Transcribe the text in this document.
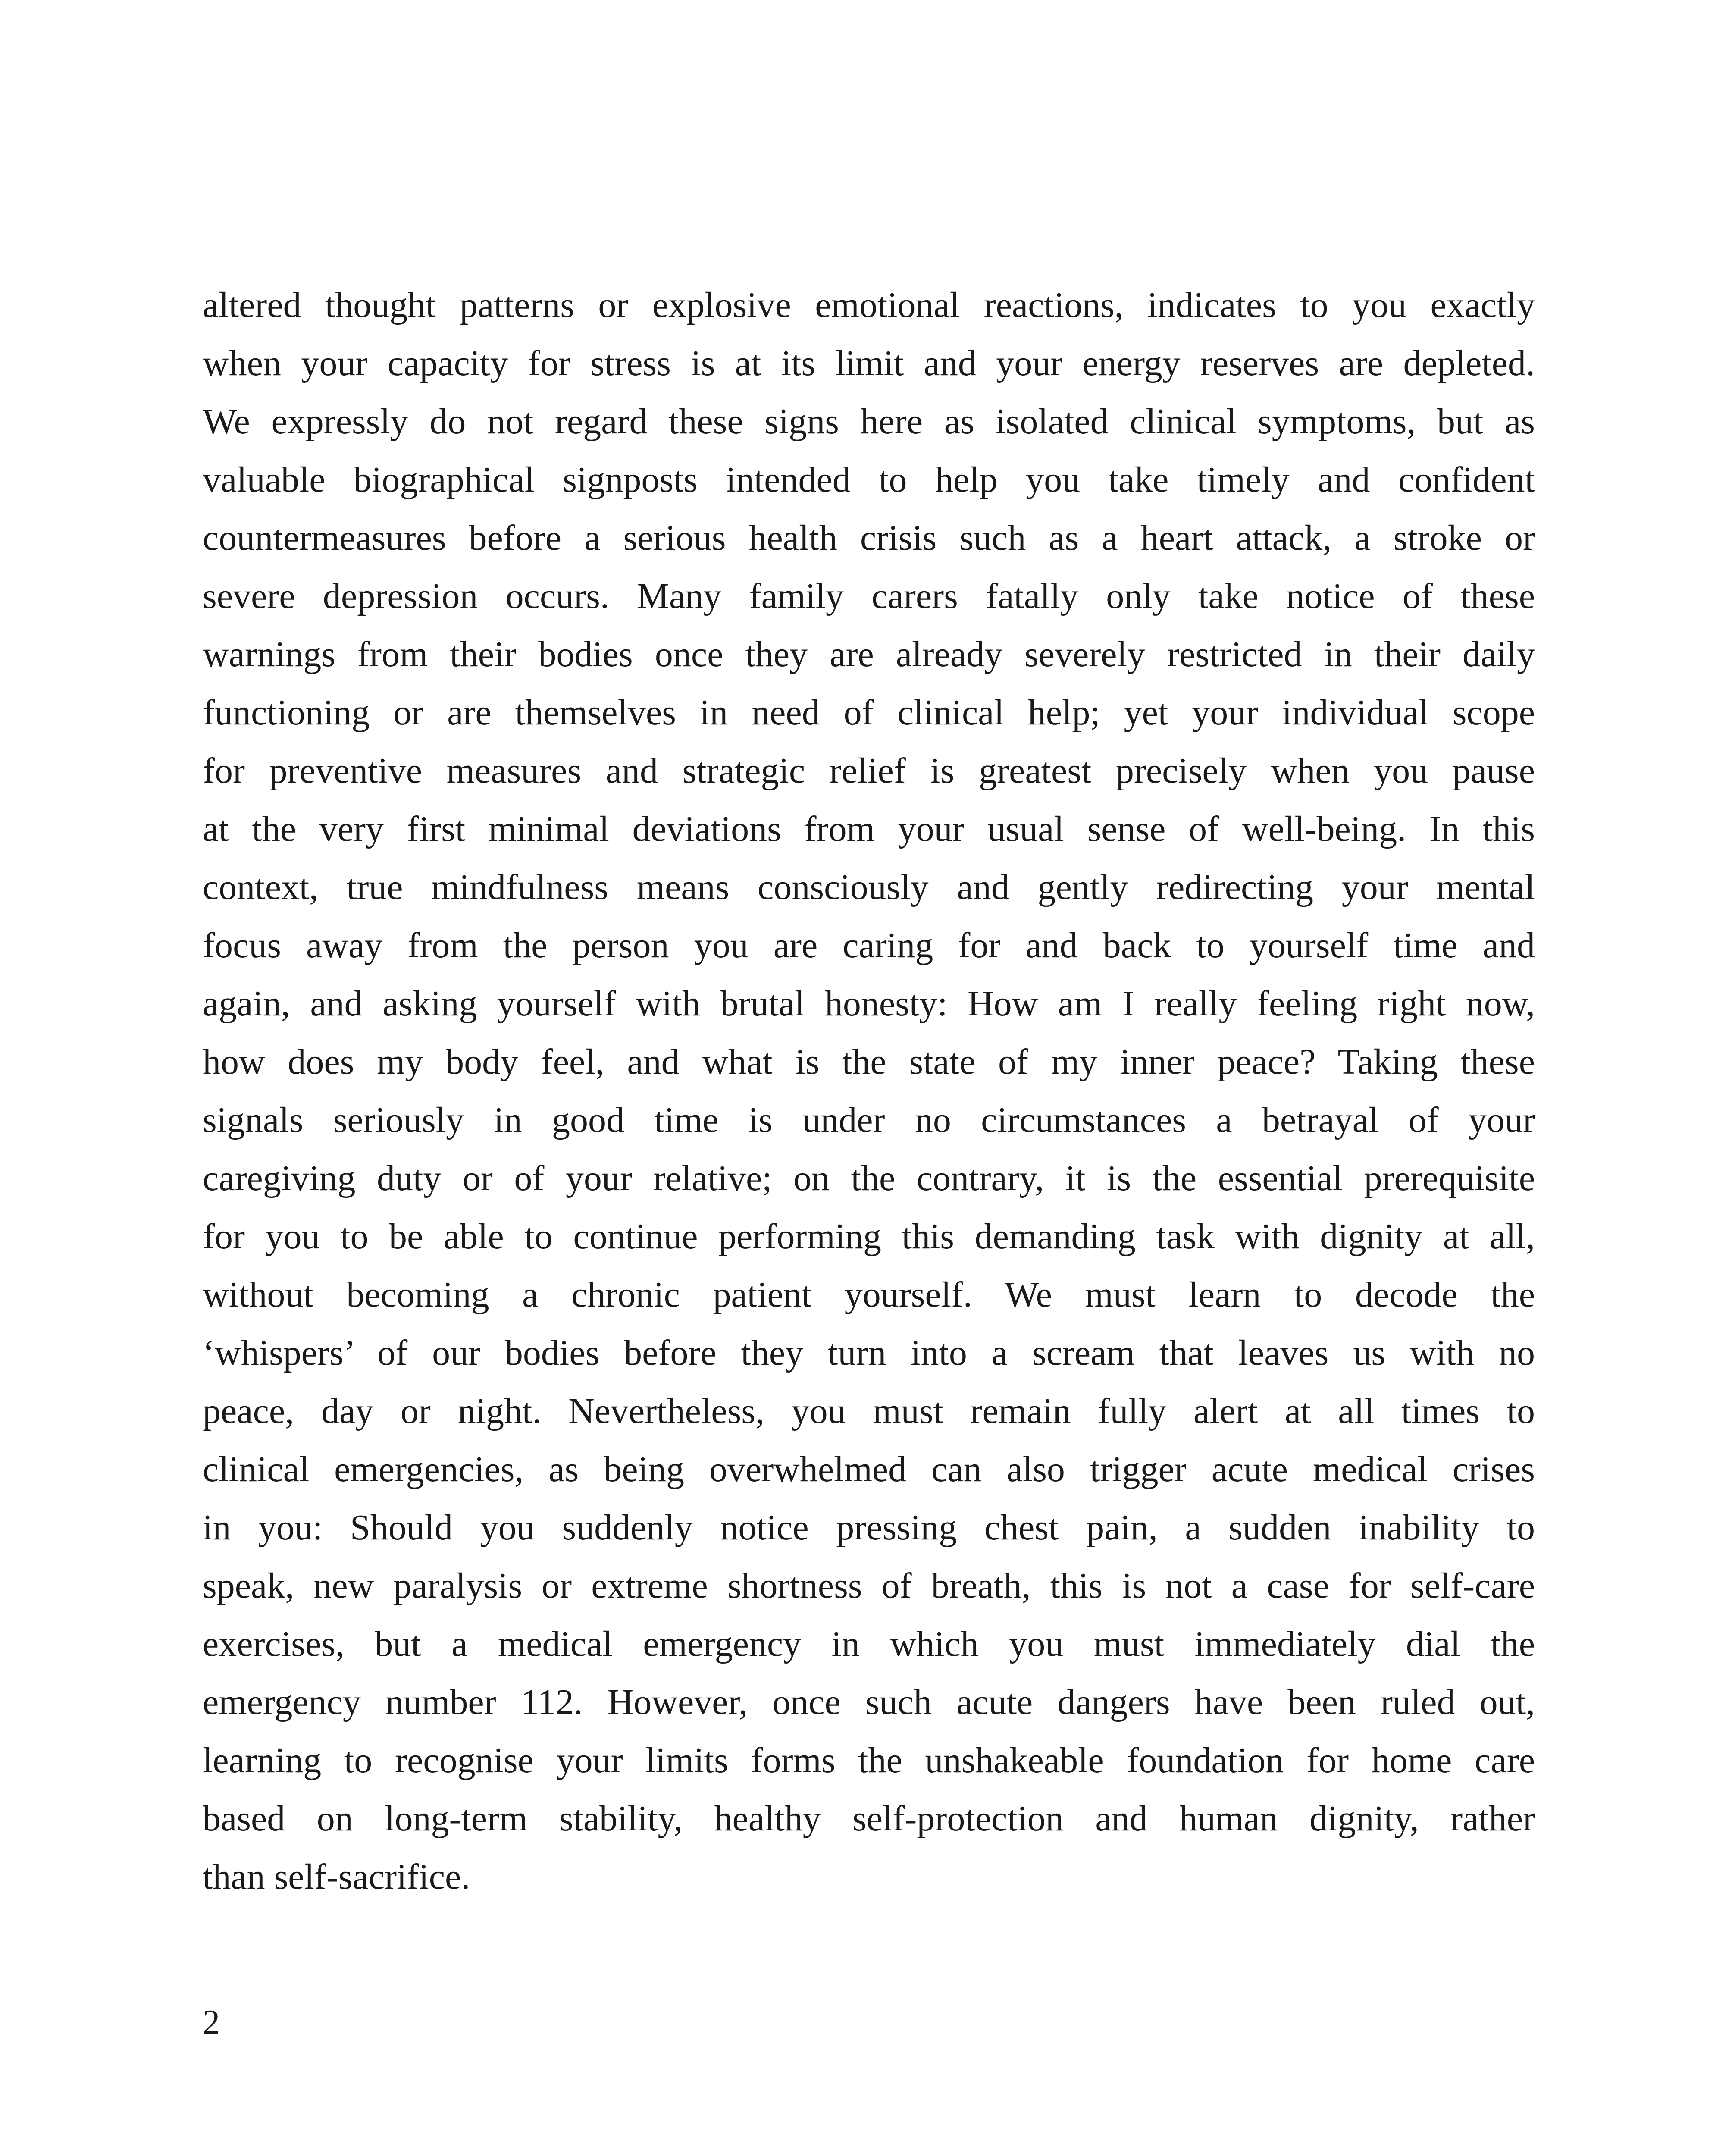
altered thought patterns or explosive emotional reactions, indicates to you exactly
when your capacity for stress is at its limit and your energy reserves are depleted.
We expressly do not regard these signs here as isolated clinical symptoms, but as
valuable biographical signposts intended to help you take timely and confident
countermeasures before a serious health crisis such as a heart attack, a stroke or
severe depression occurs. Many family carers fatally only take notice of these
warnings from their bodies once they are already severely restricted in their daily
functioning or are themselves in need of clinical help; yet your individual scope
for preventive measures and strategic relief is greatest precisely when you pause
at the very first minimal deviations from your usual sense of well-being. In this
context, true mindfulness means consciously and gently redirecting your mental
focus away from the person you are caring for and back to yourself time and
again, and asking yourself with brutal honesty: How am I really feeling right now,
how does my body feel, and what is the state of my inner peace? Taking these
signals seriously in good time is under no circumstances a betrayal of your
caregiving duty or of your relative; on the contrary, it is the essential prerequisite
for you to be able to continue performing this demanding task with dignity at all,
without becoming a chronic patient yourself. We must learn to decode the
‘whispers’ of our bodies before they turn into a scream that leaves us with no
peace, day or night. Nevertheless, you must remain fully alert at all times to
clinical emergencies, as being overwhelmed can also trigger acute medical crises
in you: Should you suddenly notice pressing chest pain, a sudden inability to
speak, new paralysis or extreme shortness of breath, this is not a case for self-care
exercises, but a medical emergency in which you must immediately dial the
emergency number 112. However, once such acute dangers have been ruled out,
learning to recognise your limits forms the unshakeable foundation for home care
based on long-term stability, healthy self-protection and human dignity, rather
than self-sacrifice.

2
